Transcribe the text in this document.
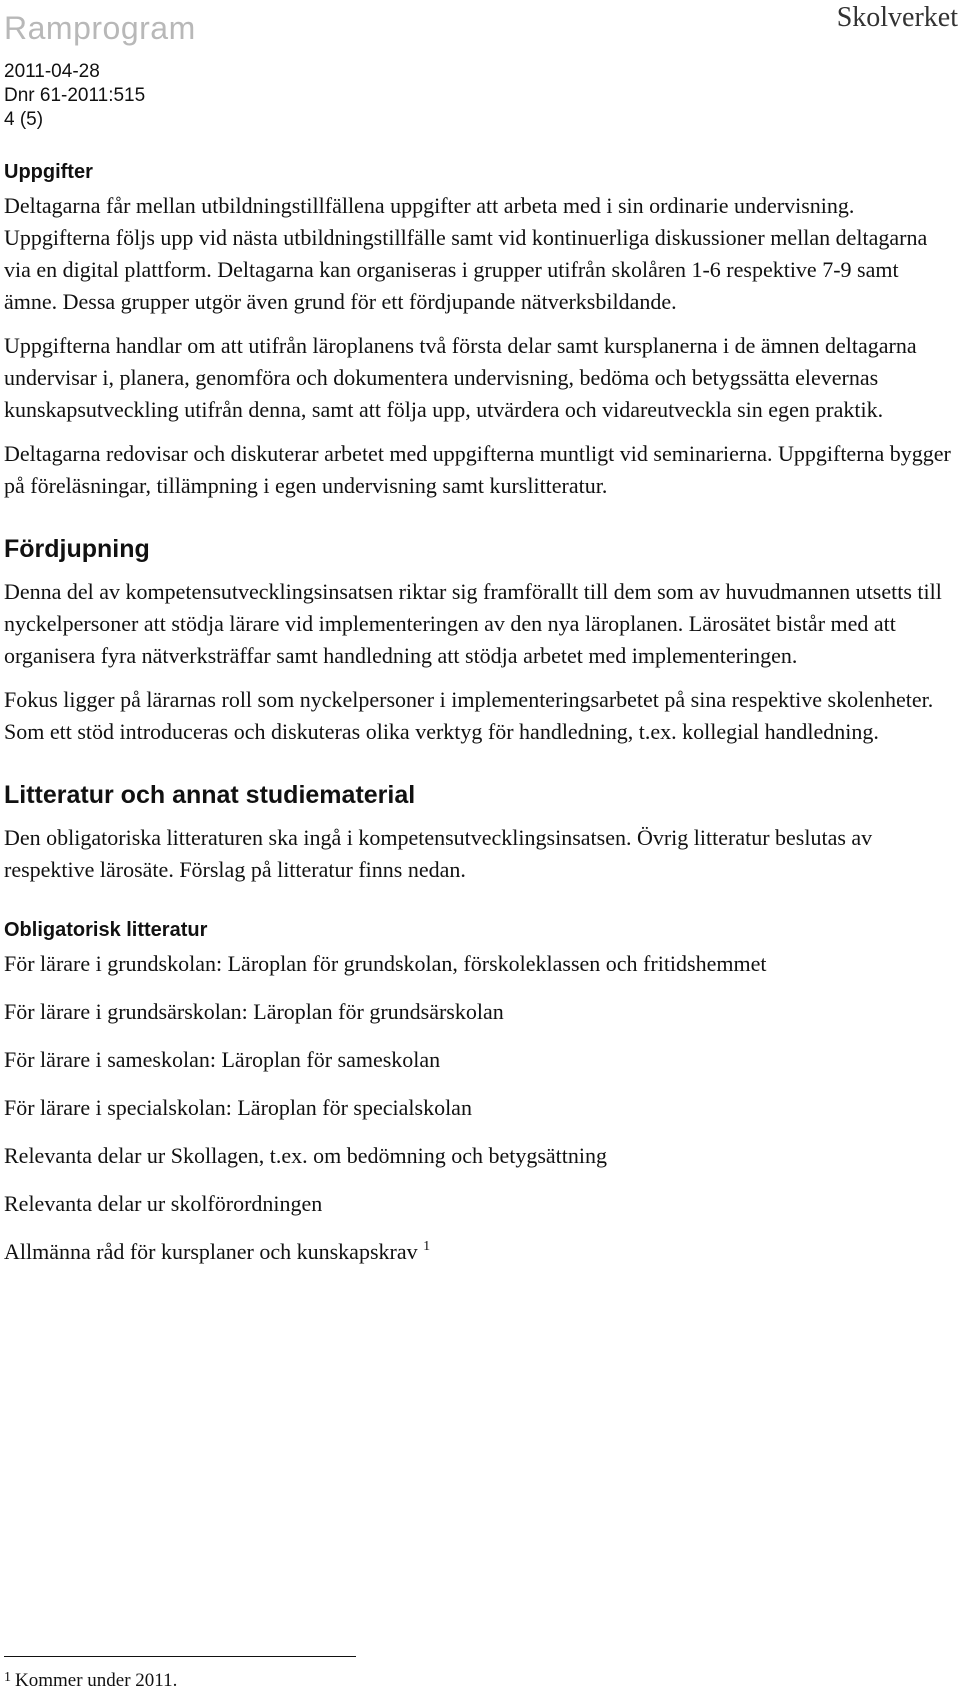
Ramprogram	Skolverket
2011-04-28
Dnr 61-2011:515
4 (5)
Uppgifter

Deltagarna får mellan utbildningstillfällena uppgifter att arbeta med i sin ordinarie undervisning. Uppgifterna följs upp vid nästa utbildningstillfälle samt vid kontinuerliga diskussioner mellan deltagarna via en digital plattform. Deltagarna kan organiseras i grupper utifrån skolåren 1-6 respektive 7-9 samt ämne. Dessa grupper utgör även grund för ett fördjupande nätverksbildande.

Uppgifterna handlar om att utifrån läroplanens två första delar samt kursplanerna i de ämnen deltagarna undervisar i, planera, genomföra och dokumentera undervisning, bedöma och betygssätta elevernas kunskapsutveckling utifrån denna, samt att följa upp, utvärdera och vidareutveckla sin egen praktik.

Deltagarna redovisar och diskuterar arbetet med uppgifterna muntligt vid seminarierna. Uppgifterna bygger på föreläsningar, tillämpning i egen undervisning samt kurslitteratur.

Fördjupning

Denna del av kompetensutvecklingsinsatsen riktar sig framförallt till dem som av huvudmannen utsetts till nyckelpersoner att stödja lärare vid implementeringen av den nya läroplanen. Lärosätet bistår med att organisera fyra nätverksträffar samt handledning att stödja arbetet med implementeringen.

Fokus ligger på lärarnas roll som nyckelpersoner i implementeringsarbetet på sina respektive skolenheter. Som ett stöd introduceras och diskuteras olika verktyg för handledning, t.ex. kollegial handledning.

Litteratur och annat studiematerial

Den obligatoriska litteraturen ska ingå i kompetensutvecklingsinsatsen. Övrig litteratur beslutas av respektive lärosäte. Förslag på litteratur finns nedan.

Obligatorisk litteratur
För lärare i grundskolan: Läroplan för grundskolan, förskoleklassen och fritidshemmet
För lärare i grundsärskolan: Läroplan för grundsärskolan
För lärare i sameskolan: Läroplan för sameskolan
För lärare i specialskolan: Läroplan för specialskolan
Relevanta delar ur Skollagen, t.ex. om bedömning och betygsättning
Relevanta delar ur skolförordningen
Allmänna råd för kursplaner och kunskapskrav $^1$
$^1$ Kommer under 2011.
